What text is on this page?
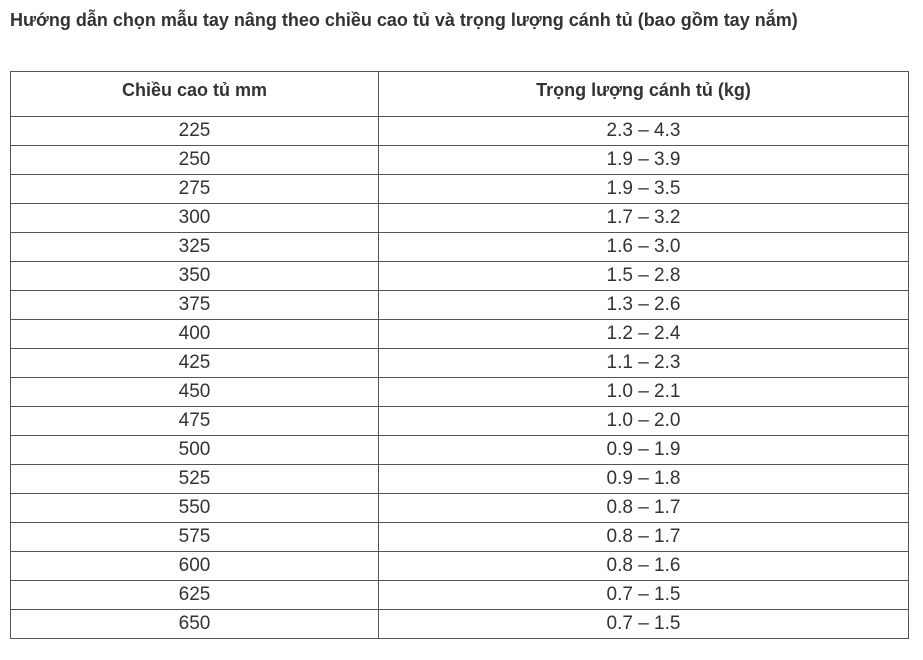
Hướng dẫn chọn mẫu tay nâng theo chiều cao tủ và trọng lượng cánh tủ (bao gồm tay nắm)
Chiều cao tủ mm	Trọng lượng cánh tủ (kg)
225	2.3 – 4.3
250	1.9 – 3.9
275	1.9 – 3.5
300	1.7 – 3.2
325	1.6 – 3.0
350	1.5 – 2.8
375	1.3 – 2.6
400	1.2 – 2.4
425	1.1 – 2.3
450	1.0 – 2.1
475	1.0 – 2.0
500	0.9 – 1.9
525	0.9 – 1.8
550	0.8 – 1.7
575	0.8 – 1.7
600	0.8 – 1.6
625	0.7 – 1.5
650	0.7 – 1.5
